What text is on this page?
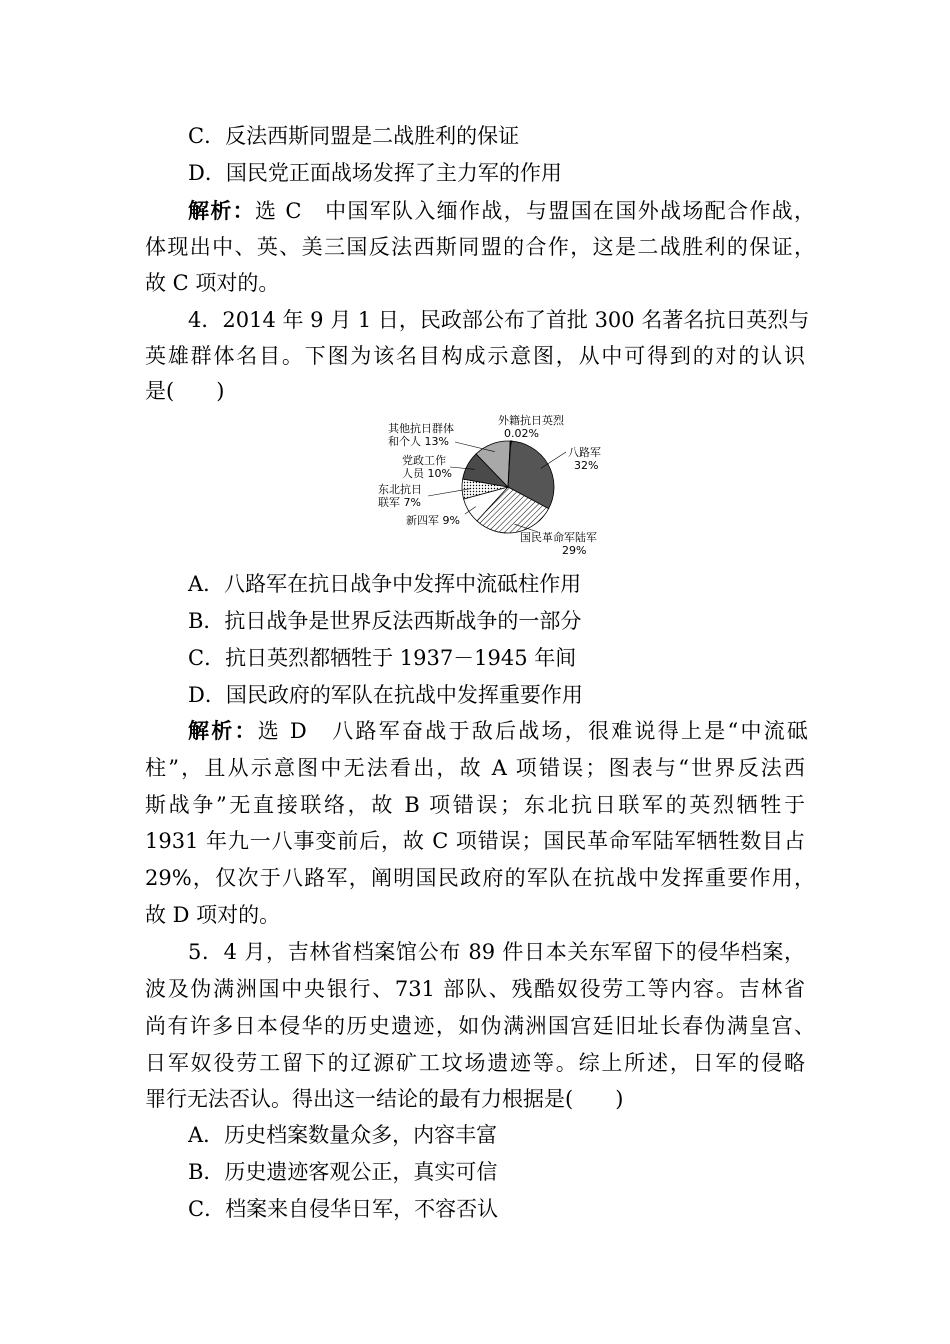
C．反法西斯同盟是二战胜利的保证
D．国民党正面战场发挥了主力军的作用
解析：选 C　中国军队入缅作战，与盟国在国外战场配合作战，
体现出中、英、美三国反法西斯同盟的合作，这是二战胜利的保证，
故 C 项对的。
4．2014 年 9 月 1 日，民政部公布了首批 300 名著名抗日英烈与
英雄群体名目。下图为该名目构成示意图，从中可得到的对的认识
是(　　)
八路军
32%
国民革命军陆军
29%
新四军 9%
东北抗日
联军 7%
党政工作
人员 10%
其他抗日群体
和个人 13%
外籍抗日英烈
0.02%
A．八路军在抗日战争中发挥中流砥柱作用
B．抗日战争是世界反法西斯战争的一部分
C．抗日英烈都牺牲于 1937－1945 年间
D．国民政府的军队在抗战中发挥重要作用
解析：选 D　八路军奋战于敌后战场，很难说得上是“中流砥
柱”，且从示意图中无法看出，故 A 项错误；图表与“世界反法西
斯战争”无直接联络，故 B 项错误；东北抗日联军的英烈牺牲于
1931 年九一八事变前后，故 C 项错误；国民革命军陆军牺牲数目占
29%，仅次于八路军，阐明国民政府的军队在抗战中发挥重要作用，
故 D 项对的。
5．4 月，吉林省档案馆公布 89 件日本关东军留下的侵华档案，
波及伪满洲国中央银行、731 部队、残酷奴役劳工等内容。吉林省
尚有许多日本侵华的历史遗迹，如伪满洲国宫廷旧址长春伪满皇宫、
日军奴役劳工留下的辽源矿工坟场遗迹等。综上所述，日军的侵略
罪行无法否认。得出这一结论的最有力根据是(　　)
A．历史档案数量众多，内容丰富
B．历史遗迹客观公正，真实可信
C．档案来自侵华日军，不容否认
